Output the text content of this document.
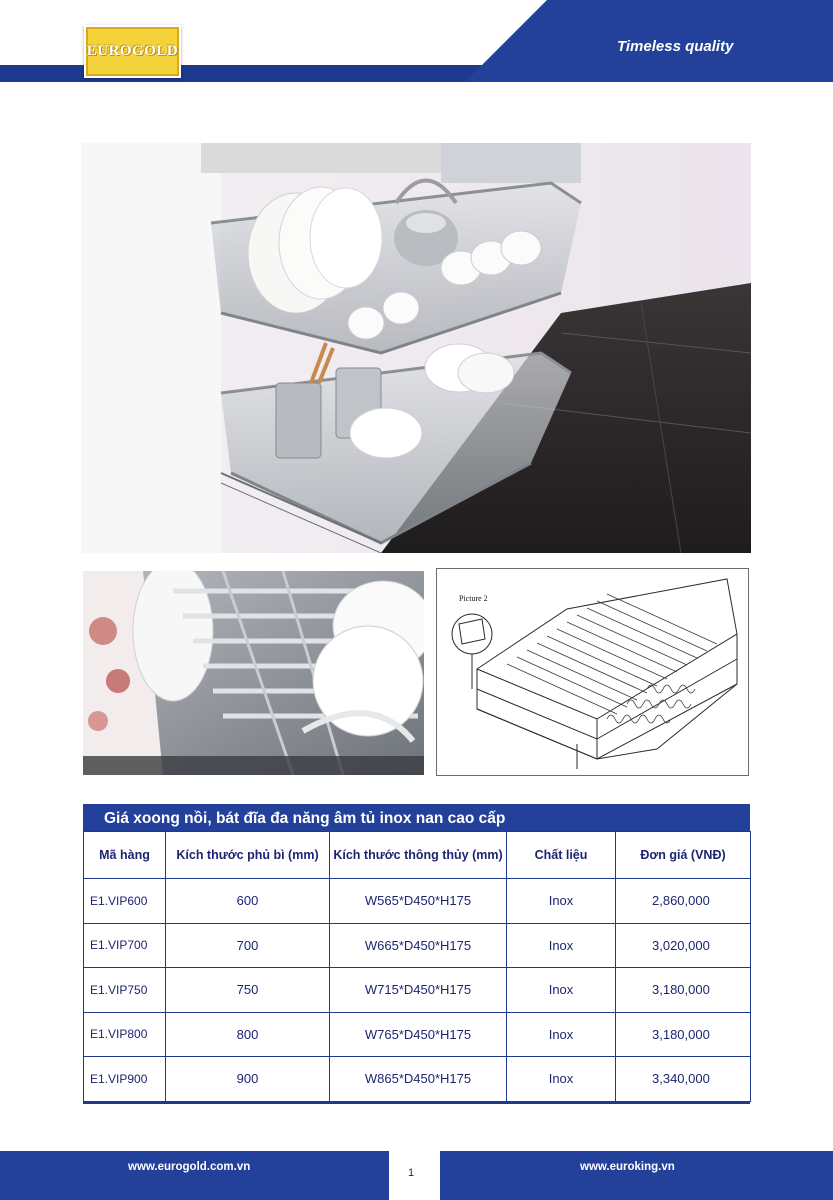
EUROGOLD	Timeless quality
Picture 2
Giá xoong nồi, bát đĩa đa năng âm tủ inox nan cao cấp
Mã hàng	Kích thước phủ bì (mm)	Kích thước thông thủy (mm)	Chất liệu	Đơn giá (VNĐ)
E1.VIP600	600	W565*D450*H175	Inox	2,860,000
E1.VIP700	700	W665*D450*H175	Inox	3,020,000
E1.VIP750	750	W715*D450*H175	Inox	3,180,000
E1.VIP800	800	W765*D450*H175	Inox	3,180,000
E1.VIP900	900	W865*D450*H175	Inox	3,340,000
www.eurogold.com.vn	1	www.euroking.vn
